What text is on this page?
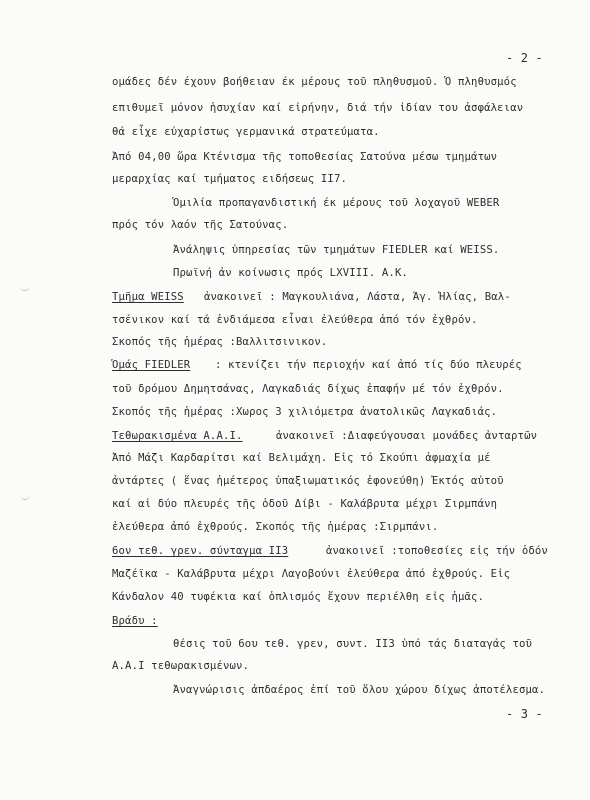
- 2 -
ομάδες δέν έχουν βοήθειαν έκ μέρους τοῦ πληθυσμοῦ. Ὁ πληθυσμός
επιθυμεῖ μόνον ἡσυχίαν καί εἰρήνην, διά τήν ἰδίαν του ἀσφάλειαν
θά εἶχε εὐχαρίστως γερμανικά στρατεύματα.
Ἀπό 04,00 ὥρα Κτένισμα τῆς τοποθεσίας Σατούνα μέσω τμημάτων
μεραρχίας καί τμήματος ειδήσεως II7.
Ὁμιλία προπαγανδιστική έκ μέρους τοῦ λοχαγοῦ WEBER
πρός τόν λαόν τῆς Σατούνας.
Ἀνάληψις ὑπηρεσίας τῶν τμημάτων FIEDLER καί WEISS.
Πρωϊνή ἀν κοίνωσις πρός LXVIII. A.K.
Τμῆμα WEISS ἀνακοινεῖ : Μαγκουλιάνα, Λάστα, Ἁγ. Ἠλίας, Βαλ-
τσένικον καί τά ἐνδιάμεσα εἶναι ἐλεύθερα ἀπό τόν ἐχθρόν.
Σκοπός τῆς ἡμέρας :Βαλλιτσινικον.
Ὁμάς FIEDLER : κτενίζει τήν περιοχήν καί ἀπό τίς δύο πλευρές
τοῦ δρόμου Δημητσάνας, Λαγκαδιάς δίχως ἐπαφήν μέ τόν ἐχθρόν.
Σκοπός τῆς ἡμέρας :Χωρος 3 χιλιόμετρα ἀνατολικῶς Λαγκαδιάς.
Τεθωρακισμένα A.A.I.	ἀνακοινεῖ :Διαφεύγουσαι μονάδες ἀνταρτῶν
Ἀπό Μάζι Καρδαρίτσι καί Βελιμάχη. Εἰς τό Σκούπι ἀφμαχία μέ
ἀντάρτες ( ἕνας ἡμέτερος ὑπαξιωματικός ἐφονεύθη) Ἐκτός αὐτοῦ
καί αἱ δύο πλευρές τῆς ὁδοῦ Δίβι - Καλάβρυτα μέχρι Σιρμπάνη
ἐλεύθερα ἀπό ἐχθρούς. Σκοπός τῆς ἡμέρας :Σιρμπάνι.
6ον τεθ. γρεν. σύνταγμα II3	ἀνακοινεῖ :τοποθεσίες εἰς τήν ὁδόν
Μαζέϊκα - Καλάβρυτα μέχρι Λαγοβούνι ἐλεύθερα ἀπό ἐχθρούς. Εἰς
Κάνδαλον 40 τυφέκια καί ὁπλισμός ἔχουν περιέλθη εἰς ἡμᾶς.
Βράδυ :
θέσις τοῦ 6ου τεθ. γρεν, συντ. II3 ὑπό τάς διαταγάς τοῦ
A.A.I τεθωρακισμένων.
Ἀναγνώρισις ἀπδαέρος ἐπί τοῦ ὅλου χώρου δίχως ἀποτέλεσμα.
- 3 -
